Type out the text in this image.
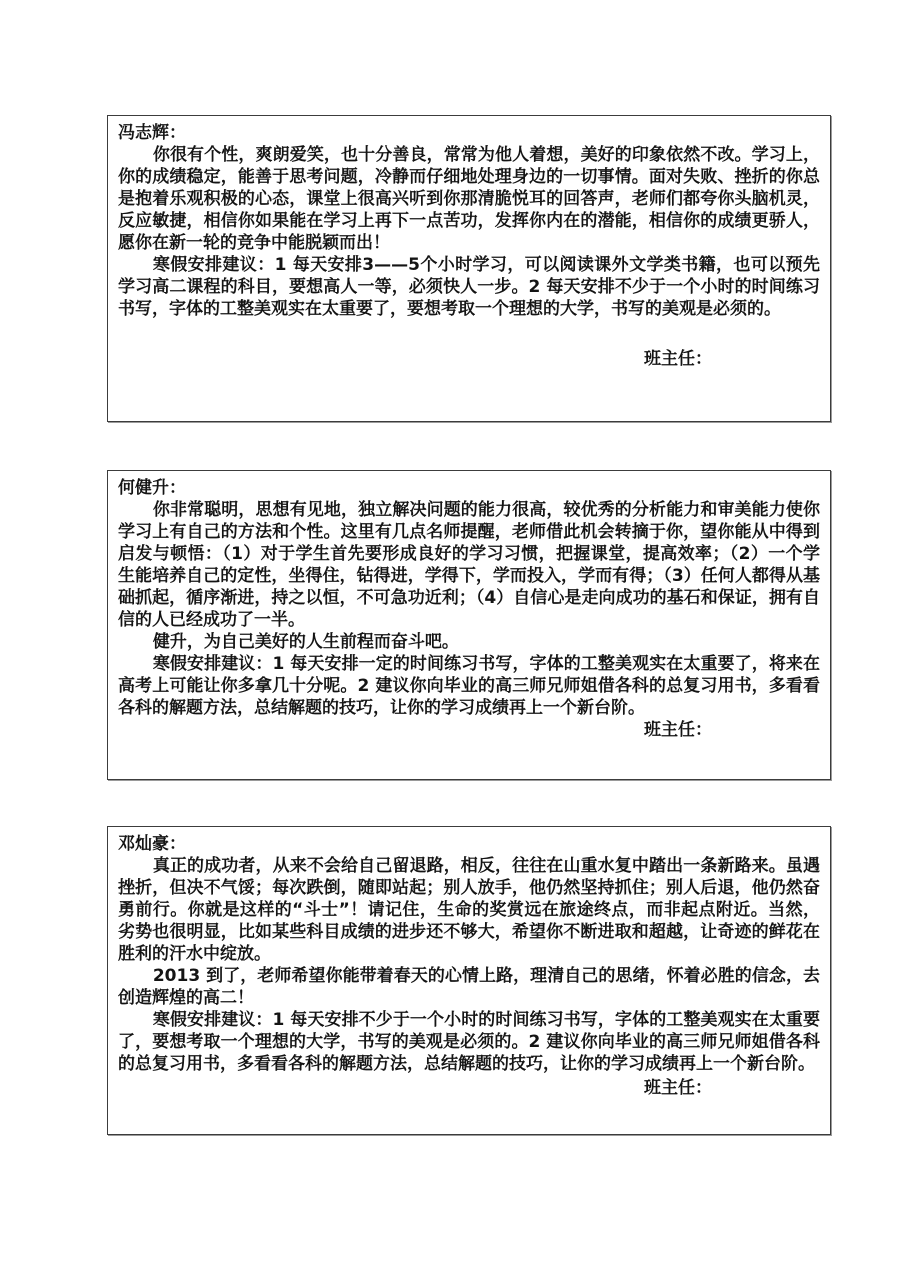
冯志辉：

你很有个性，爽朗爱笑，也十分善良，常常为他人着想，美好的印象依然不改。学习上，你的成绩稳定，能善于思考问题，冷静而仔细地处理身边的一切事情。面对失败、挫折的你总是抱着乐观积极的心态，课堂上很高兴听到你那清脆悦耳的回答声，老师们都夸你头脑机灵，反应敏捷，相信你如果能在学习上再下一点苦功，发挥你内在的潜能，相信你的成绩更骄人，愿你在新一轮的竞争中能脱颖而出！

寒假安排建议：1 每天安排3——5个小时学习，可以阅读课外文学类书籍，也可以预先学习高二课程的科目，要想高人一等，必须快人一步。2 每天安排不少于一个小时的时间练习书写，字体的工整美观实在太重要了，要想考取一个理想的大学，书写的美观是必须的。

班主任：

何健升：

你非常聪明，思想有见地，独立解决问题的能力很高，较优秀的分析能力和审美能力使你学习上有自己的方法和个性。这里有几点名师提醒，老师借此机会转摘于你，望你能从中得到启发与顿悟：（1）对于学生首先要形成良好的学习习惯，把握课堂，提高效率；（2）一个学生能培养自己的定性，坐得住，钻得进，学得下，学而投入，学而有得；（3）任何人都得从基础抓起，循序渐进，持之以恒，不可急功近利；（4）自信心是走向成功的基石和保证，拥有自信的人已经成功了一半。

健升，为自己美好的人生前程而奋斗吧。

寒假安排建议：1 每天安排一定的时间练习书写，字体的工整美观实在太重要了，将来在高考上可能让你多拿几十分呢。2 建议你向毕业的高三师兄师姐借各科的总复习用书，多看看各科的解题方法，总结解题的技巧，让你的学习成绩再上一个新台阶。

班主任：

邓灿豪：

真正的成功者，从来不会给自己留退路，相反，往往在山重水复中踏出一条新路来。虽遇挫折，但决不气馁；每次跌倒，随即站起；别人放手，他仍然坚持抓住；别人后退，他仍然奋勇前行。你就是这样的“斗士”！请记住，生命的奖赏远在旅途终点，而非起点附近。当然，劣势也很明显，比如某些科目成绩的进步还不够大，希望你不断进取和超越，让奇迹的鲜花在胜利的汗水中绽放。

2013 到了，老师希望你能带着春天的心情上路，理清自己的思绪，怀着必胜的信念，去创造辉煌的高二！

寒假安排建议：1 每天安排不少于一个小时的时间练习书写，字体的工整美观实在太重要了，要想考取一个理想的大学，书写的美观是必须的。2 建议你向毕业的高三师兄师姐借各科的总复习用书，多看看各科的解题方法，总结解题的技巧，让你的学习成绩再上一个新台阶。

班主任：
